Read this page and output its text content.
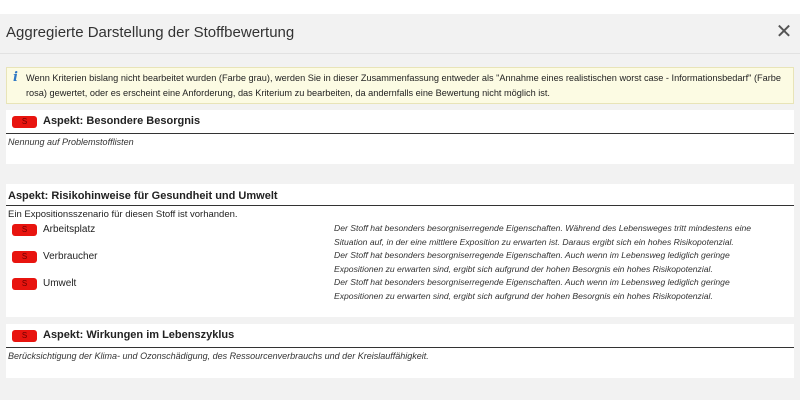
Aggregierte Darstellung der Stoffbewertung	✕
i Wenn Kriterien bislang nicht bearbeitet wurden (Farbe grau), werden Sie in dieser Zusammenfassung entweder als "Annahme eines realistischen worst case - Informationsbedarf" (Farbe rosa) gewertet, oder es erscheint eine Anforderung, das Kriterium zu bearbeiten, da andernfalls eine Bewertung nicht möglich ist.
S	Aspekt: Besondere Besorgnis
Nennung auf Problemstofflisten
Aspekt: Risikohinweise für Gesundheit und Umwelt
Ein Expositionsszenario für diesen Stoff ist vorhanden.
S	Arbeitsplatz	Der Stoff hat besonders besorgniserregende Eigenschaften. Während des Lebensweges tritt mindestens eine Situation auf, in der eine mittlere Exposition zu erwarten ist. Daraus ergibt sich ein hohes Risikopotenzial.
S	Verbraucher	Der Stoff hat besonders besorgniserregende Eigenschaften. Auch wenn im Lebensweg lediglich geringe Expositionen zu erwarten sind, ergibt sich aufgrund der hohen Besorgnis ein hohes Risikopotenzial.
S	Umwelt	Der Stoff hat besonders besorgniserregende Eigenschaften. Auch wenn im Lebensweg lediglich geringe Expositionen zu erwarten sind, ergibt sich aufgrund der hohen Besorgnis ein hohes Risikopotenzial.
S	Aspekt: Wirkungen im Lebenszyklus
Berücksichtigung der Klima- und Ozonschädigung, des Ressourcenverbrauchs und der Kreislauffähigkeit.
